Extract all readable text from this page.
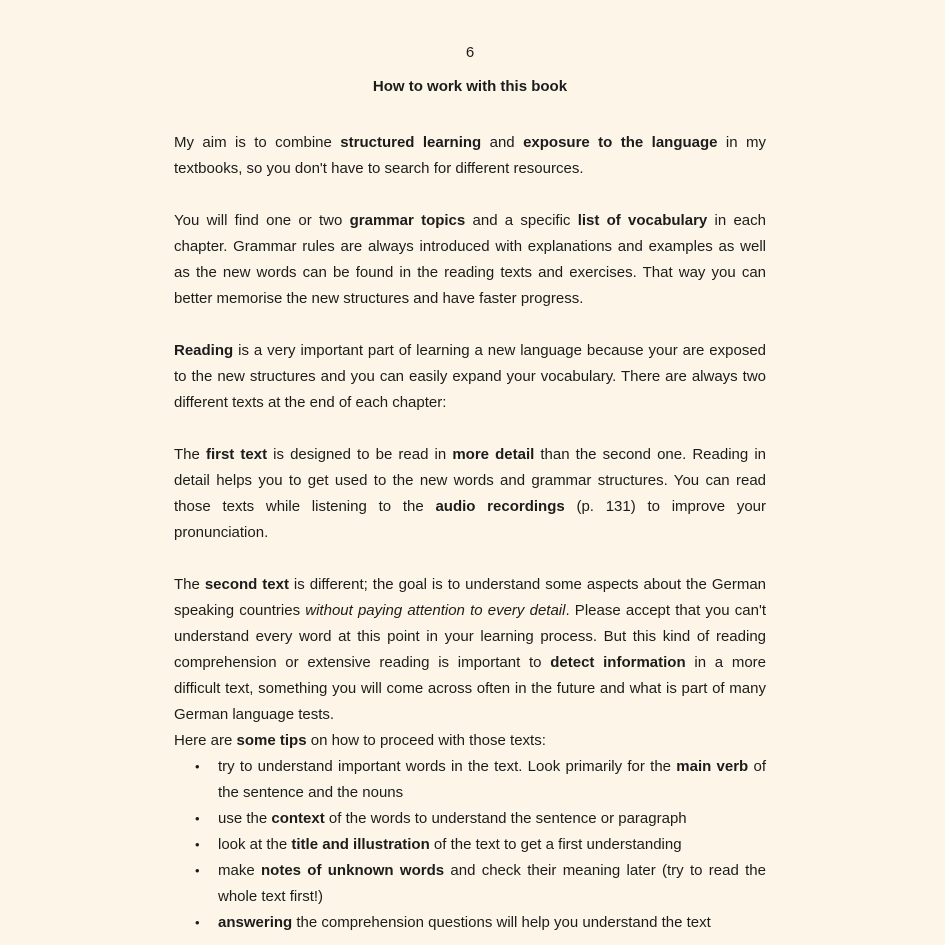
6
How to work with this book

My aim is to combine structured learning and exposure to the language in my textbooks, so you don't have to search for different resources.

You will find one or two grammar topics and a specific list of vocabulary in each chapter. Grammar rules are always introduced with explanations and examples as well as the new words can be found in the reading texts and exercises. That way you can better memorise the new structures and have faster progress.

Reading is a very important part of learning a new language because your are exposed to the new structures and you can easily expand your vocabulary. There are always two different texts at the end of each chapter:

The first text is designed to be read in more detail than the second one. Reading in detail helps you to get used to the new words and grammar structures. You can read those texts while listening to the audio recordings (p. 131) to improve your pronunciation.

The second text is different; the goal is to understand some aspects about the German speaking countries without paying attention to every detail. Please accept that you can't understand every word at this point in your learning process. But this kind of reading comprehension or extensive reading is important to detect information in a more difficult text, something you will come across often in the future and what is part of many German language tests.

Here are some tips on how to proceed with those texts:

• try to understand important words in the text. Look primarily for the main verb of the sentence and the nouns
• use the context of the words to understand the sentence or paragraph
• look at the title and illustration of the text to get a first understanding
• make notes of unknown words and check their meaning later (try to read the whole text first!)
• answering the comprehension questions will help you understand the text
